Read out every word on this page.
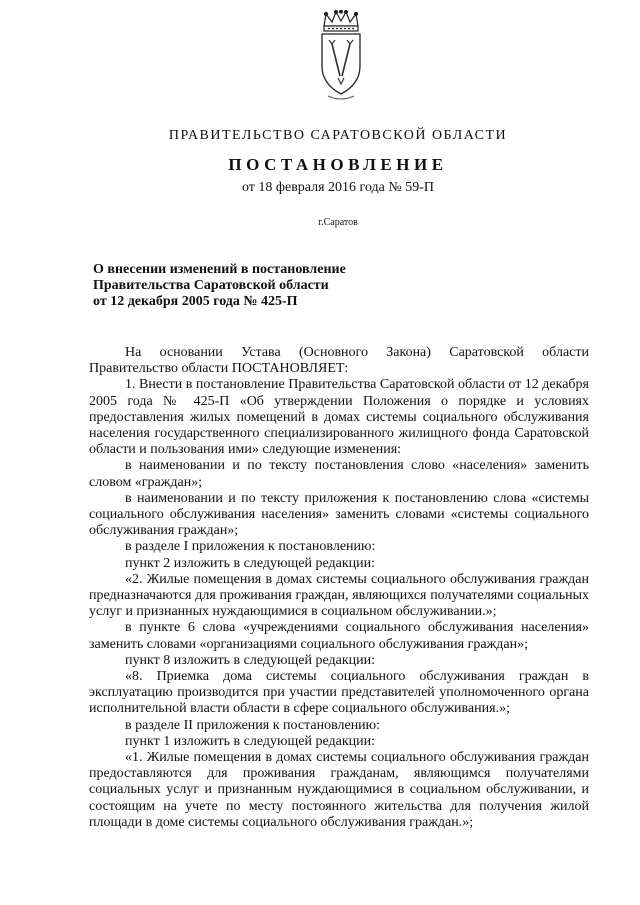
ПРАВИТЕЛЬСТВО САРАТОВСКОЙ ОБЛАСТИ
ПОСТАНОВЛЕНИЕ
от 18 февраля 2016 года № 59-П
г.Саратов
О внесении изменений в постановление
Правительства Саратовской области
от 12 декабря 2005 года № 425-П

На основании Устава (Основного Закона) Саратовской области Правительство области ПОСТАНОВЛЯЕТ:

1. Внести в постановление Правительства Саратовской области от 12 декабря 2005 года № 425-П «Об утверждении Положения о порядке и условиях предоставления жилых помещений в домах системы социального обслуживания населения государственного специализированного жилищного фонда Саратовской области и пользования ими» следующие изменения:

в наименовании и по тексту постановления слово «населения» заменить словом «граждан»;

в наименовании и по тексту приложения к постановлению слова «системы социального обслуживания населения» заменить словами «системы социального обслуживания граждан»;

в разделе I приложения к постановлению:

пункт 2 изложить в следующей редакции:

«2. Жилые помещения в домах системы социального обслуживания граждан предназначаются для проживания граждан, являющихся получателями социальных услуг и признанных нуждающимися в социальном обслуживании.»;

в пункте 6 слова «учреждениями социального обслуживания населения» заменить словами «организациями социального обслуживания граждан»;

пункт 8 изложить в следующей редакции:

«8. Приемка дома системы социального обслуживания граждан в эксплуатацию производится при участии представителей уполномоченного органа исполнительной власти области в сфере социального обслуживания.»;

в разделе II приложения к постановлению:

пункт 1 изложить в следующей редакции:

«1. Жилые помещения в домах системы социального обслуживания граждан предоставляются для проживания гражданам, являющимся получателями социальных услуг и признанным нуждающимися в социальном обслуживании, и состоящим на учете по месту постоянного жительства для получения жилой площади в доме системы социального обслуживания граждан.»;
